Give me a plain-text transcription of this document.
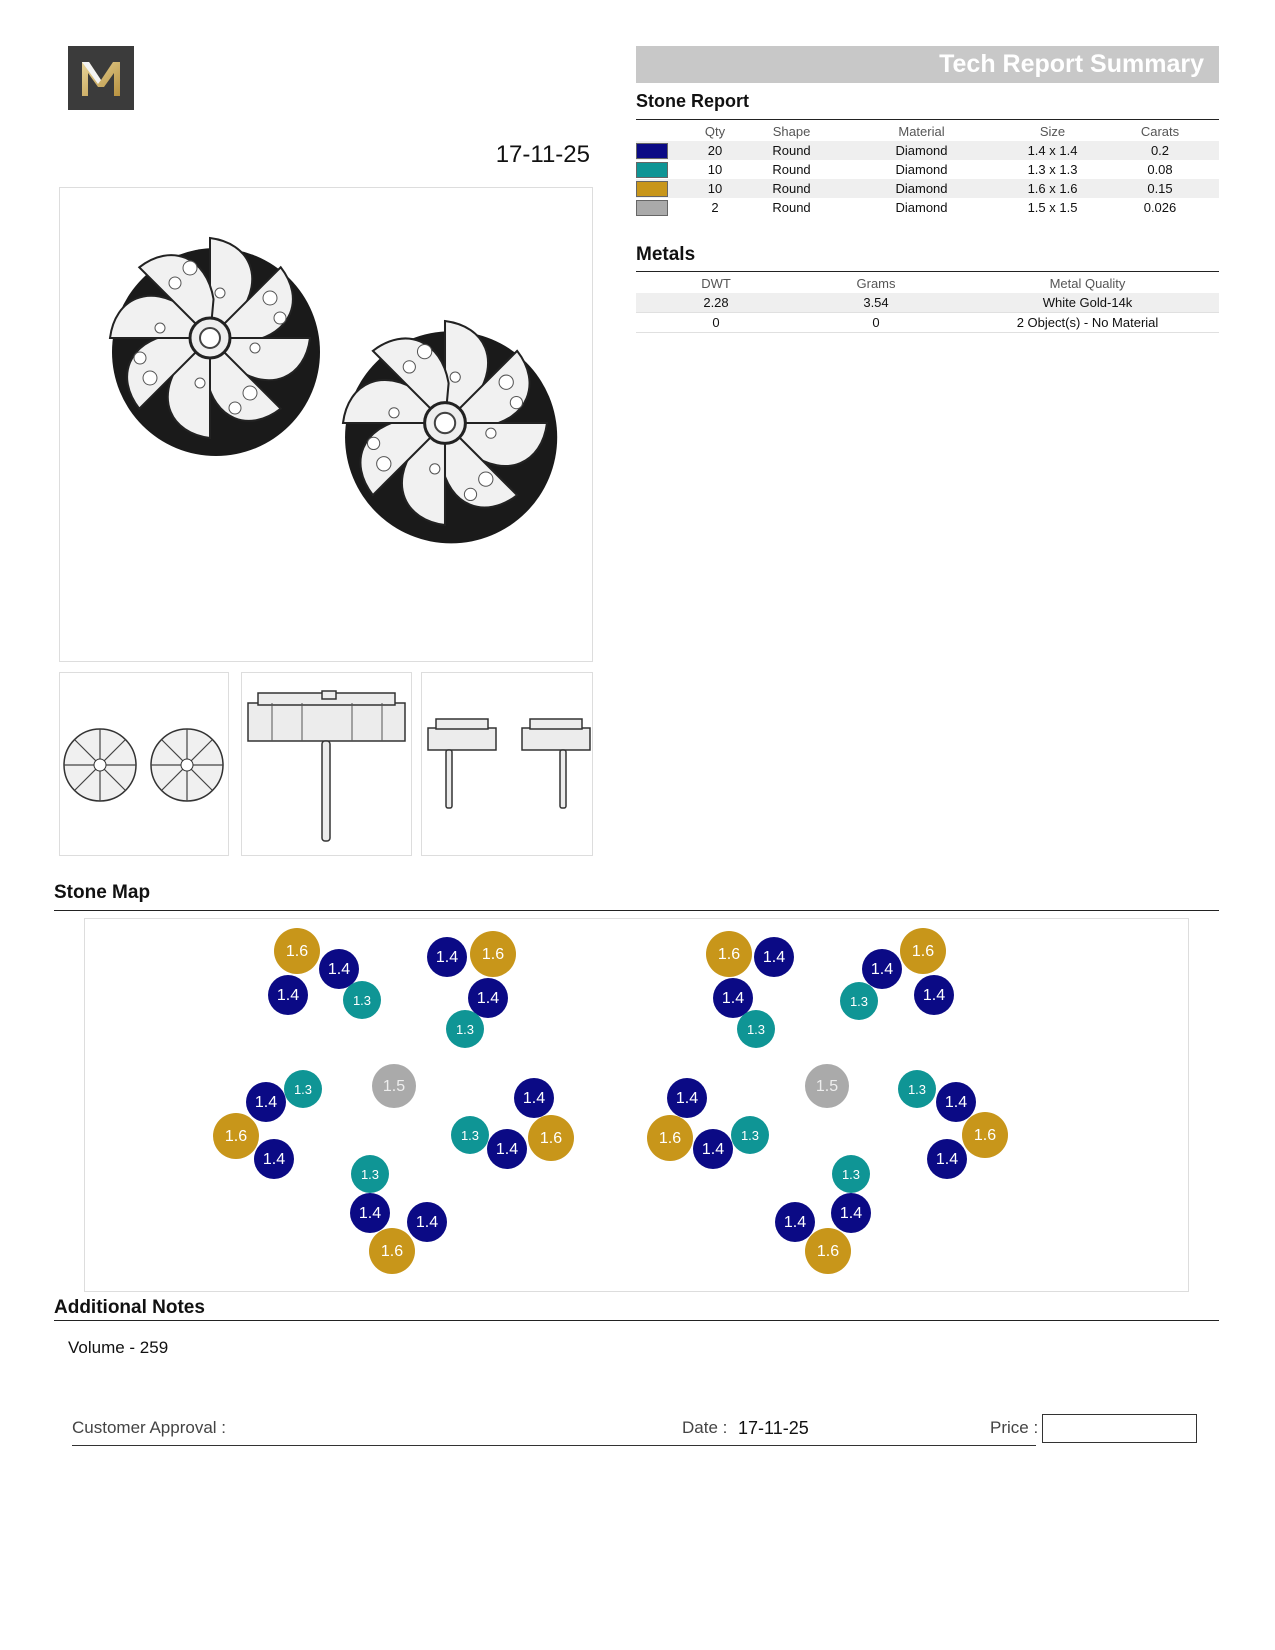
17-11-25
Tech Report Summary
Stone Report
	Qty	Shape	Material	Size	Carats
	20	Round	Diamond	1.4 x 1.4	0.2
	10	Round	Diamond	1.3 x 1.3	0.08
	10	Round	Diamond	1.6 x 1.6	0.15
	2	Round	Diamond	1.5 x 1.5	0.026
Metals
DWT	Grams	Metal Quality
2.28	3.54	White Gold-14k
0	0	2 Object(s) - No Material
Stone Map
1.6
1.4
1.4	1.3
1.4 1.6
1.4
1.3
1.6 1.4
1.4
1.3
1.4
1.6
1.3	1.4
1.3
1.4
1.6
1.4
1.5
1.4
1.3
1.4
1.6
1.4
1.6
1.4
1.3
1.5	1.3
1.4
1.6
1.4
1.3
1.4
1.4
1.6
1.3
1.4
1.4
1.6
Additional Notes
Volume - 259
Customer Approval :	Date : 17-11-25	Price :
